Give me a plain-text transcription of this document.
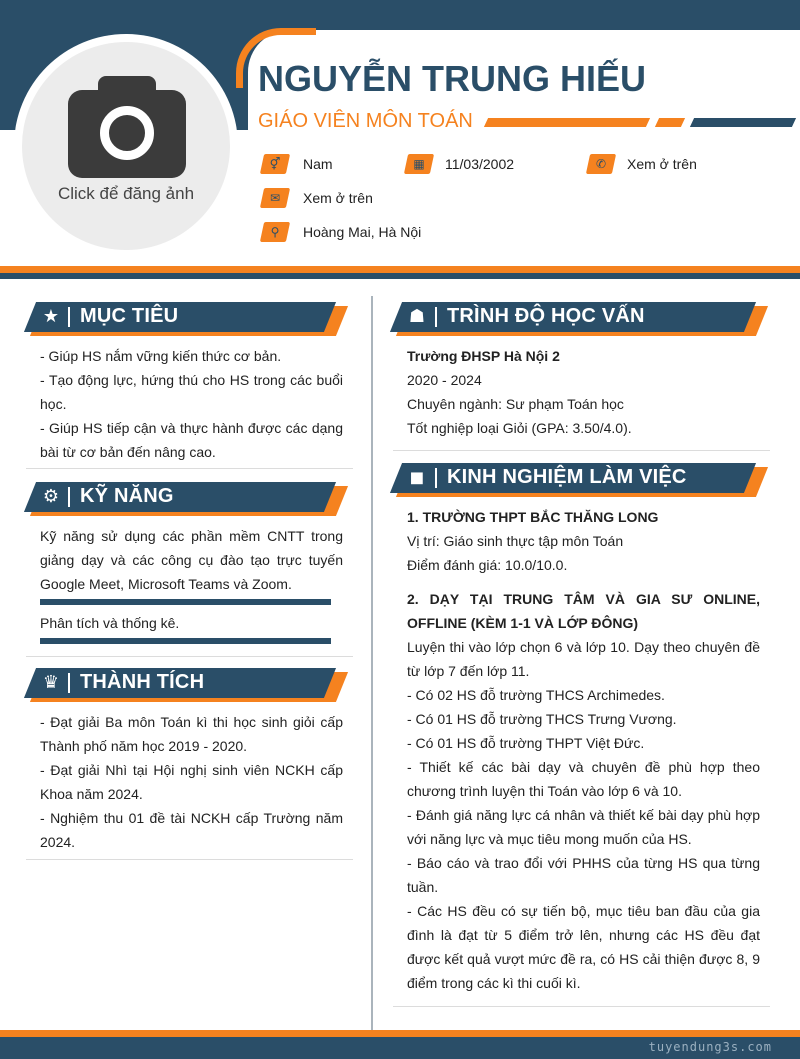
Click để đăng ảnh
NGUYỄN TRUNG HIẾU
GIÁO VIÊN MÔN TOÁN
⚥ Nam	▦ 11/03/2002	✆ Xem ở trên
✉ Xem ở trên
⚲ Hoàng Mai, Hà Nội
★ MỤC TIÊU
- Giúp HS nắm vững kiến thức cơ bản.
- Tạo động lực, hứng thú cho HS trong các buổi học.
- Giúp HS tiếp cận và thực hành được các dạng bài từ cơ bản đến nâng cao.
⚙ KỸ NĂNG
Kỹ năng sử dụng các phần mềm CNTT trong giảng dạy và các công cụ đào tạo trực tuyến Google Meet, Microsoft Teams và Zoom.
Phân tích và thống kê.
♛ THÀNH TÍCH
- Đạt giải Ba môn Toán kì thi học sinh giỏi cấp Thành phố năm học 2019 - 2020.
- Đạt giải Nhì tại Hội nghị sinh viên NCKH cấp Khoa năm 2024.
- Nghiệm thu 01 đề tài NCKH cấp Trường năm 2024.
☗ TRÌNH ĐỘ HỌC VẤN
Trường ĐHSP Hà Nội 2
2020 - 2024
Chuyên ngành: Sư phạm Toán học
Tốt nghiệp loại Giỏi (GPA: 3.50/4.0).
◼ KINH NGHIỆM LÀM VIỆC
1. TRƯỜNG THPT BẮC THĂNG LONG
Vị trí: Giáo sinh thực tập môn Toán
Điểm đánh giá: 10.0/10.0.
2. DẠY TẠI TRUNG TÂM VÀ GIA SƯ ONLINE, OFFLINE (KÈM 1-1 VÀ LỚP ĐÔNG)
Luyện thi vào lớp chọn 6 và lớp 10. Dạy theo chuyên đề từ lớp 7 đến lớp 11.
- Có 02 HS đỗ trường THCS Archimedes.
- Có 01 HS đỗ trường THCS Trưng Vương.
- Có 01 HS đỗ trường THPT Việt Đức.
- Thiết kế các bài dạy và chuyên đề phù hợp theo chương trình luyện thi Toán vào lớp 6 và 10.
- Đánh giá năng lực cá nhân và thiết kế bài dạy phù hợp với năng lực và mục tiêu mong muốn của HS.
- Báo cáo và trao đổi với PHHS của từng HS qua từng tuần.
- Các HS đều có sự tiến bộ, mục tiêu ban đầu của gia đình là đạt từ 5 điểm trở lên, nhưng các HS đều đạt được kết quả vượt mức đề ra, có HS cải thiện được 8, 9 điểm trong các kì thi cuối kì.
tuyendung3s.com
